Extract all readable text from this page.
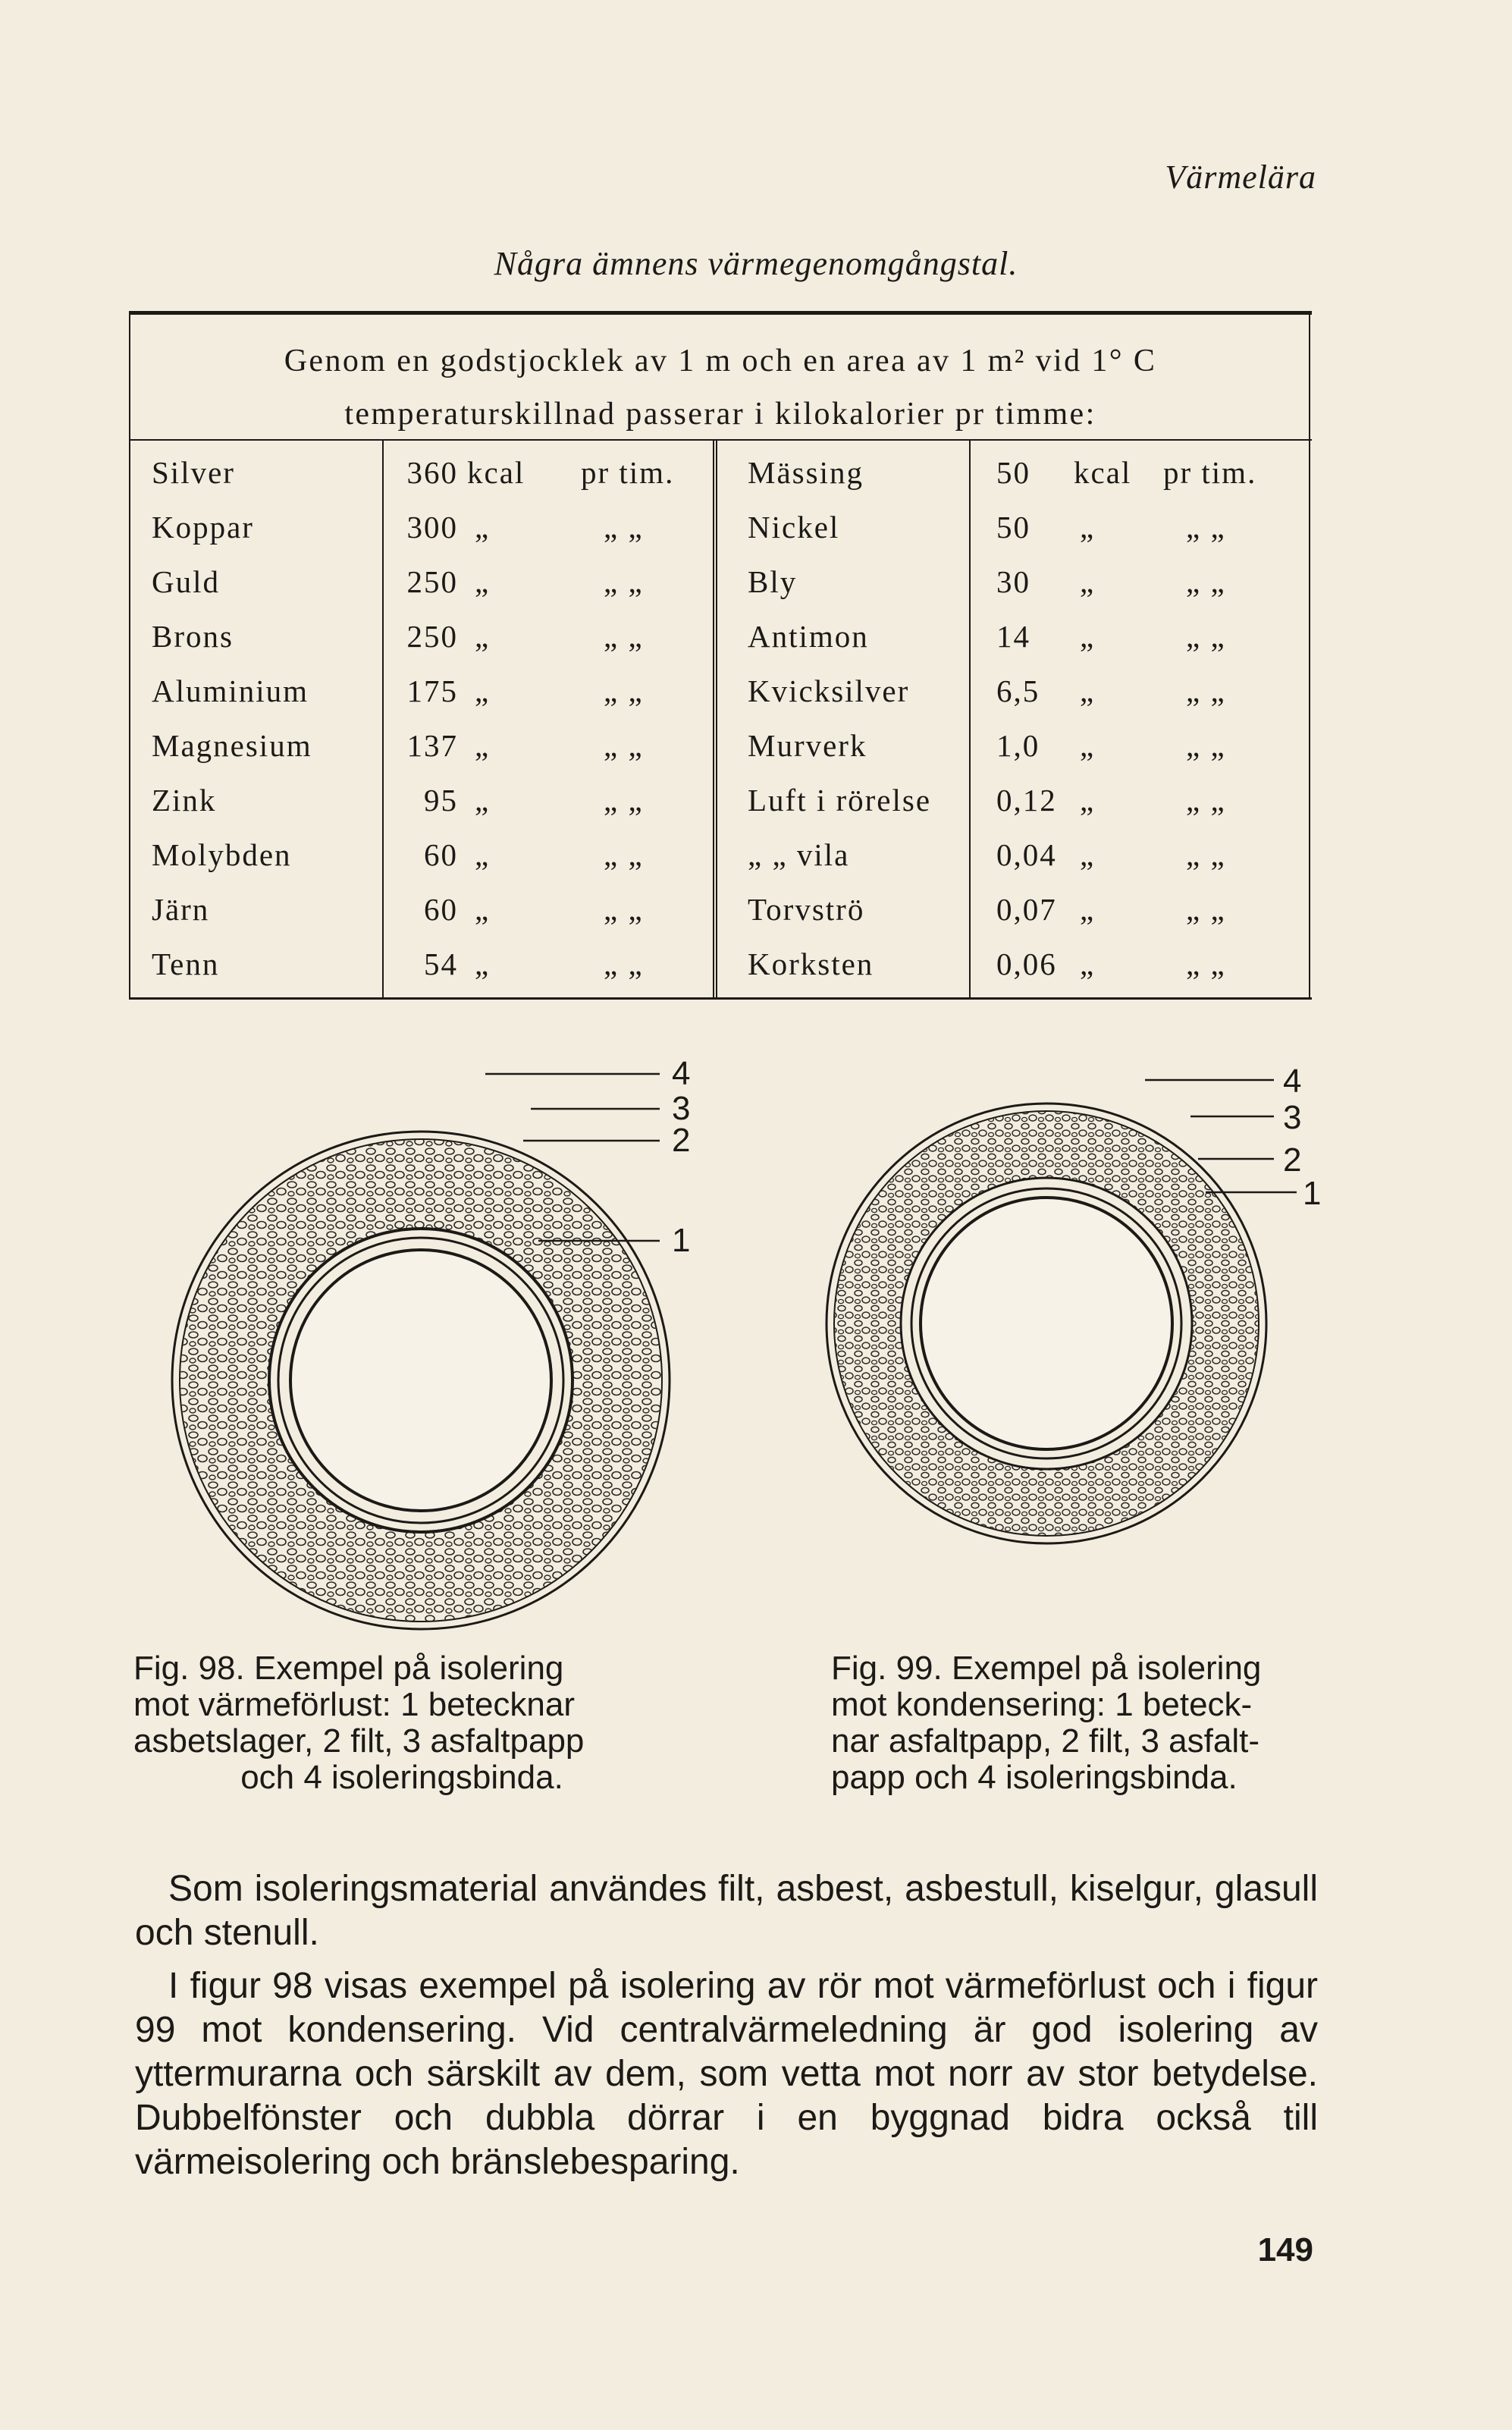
Värmelära
Några ämnens värmegenomgångstal.
Genom en godstjocklek av 1 m och en area av 1 m² vid 1° C
temperaturskillnad passerar i kilokalorier pr timme:
Silver	360 kcal pr tim. Mässing	50 kcal pr tim.
Koppar	300 „	„ „	Nickel	50 „	„ „
Guld	250 „	„ „	Bly	30 „	„ „
Brons	250 „	„ „	Antimon	14 „	„ „
Aluminium	175 „	„ „	Kvicksilver	6,5 „	„ „
Magnesium	137 „	„ „	Murverk	1,0 „	„ „
Zink	95 „	„ „	Luft i rörelse 0,12 „	„ „
Molybden	60 „	„ „	„ „ vila	0,04 „	„ „
Järn	60 „	„ „	Torvströ	0,07 „	„ „
Tenn	54 „	„ „	Korksten	0,06 „	„ „
4
3
2
1
4
3
2
1
Fig. 98. Exempel på isolering
mot värmeförlust: 1 betecknar
asbetslager, 2 filt, 3 asfaltpapp
och 4 isoleringsbinda.
Fig. 99. Exempel på isolering
mot kondensering: 1 beteck-
nar asfaltpapp, 2 filt, 3 asfalt-
papp och 4 isoleringsbinda.

Som isoleringsmaterial användes filt, asbest, asbestull, kiselgur, glasull och stenull.

I figur 98 visas exempel på isolering av rör mot värmeförlust och i figur 99 mot kondensering. Vid centralvärmeledning är god isolering av yttermurarna och särskilt av dem, som vetta mot norr av stor betydelse. Dubbelfönster och dubbla dörrar i en byggnad bidra också till värmeisolering och bränslebesparing.

149
